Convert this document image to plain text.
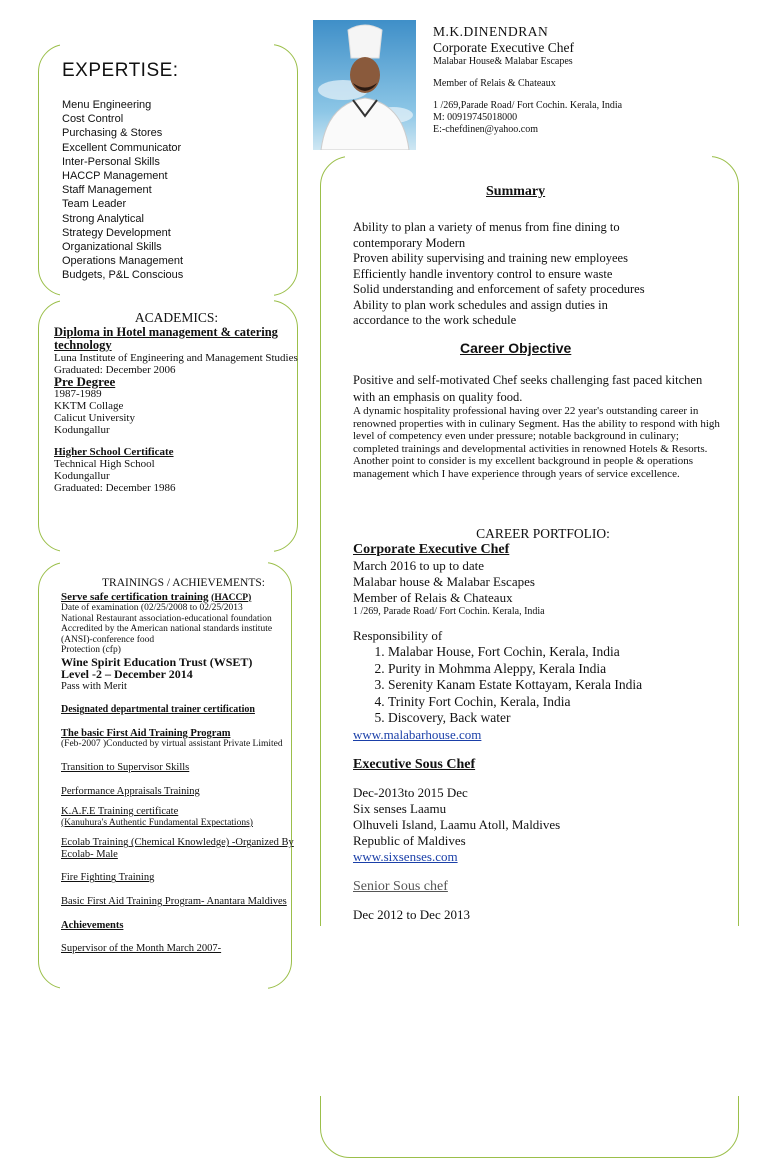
M.K.DINENDRAN
Corporate Executive Chef
Malabar House& Malabar Escapes
Member of Relais & Chateaux
1 /269,Parade Road/ Fort Cochin. Kerala, India
M: 00919745018000
E:-chefdinen@yahoo.com
EXPERTISE:
Menu Engineering
Cost Control
Purchasing & Stores
Excellent Communicator
Inter-Personal Skills
HACCP Management
Staff Management
Team Leader
Strong Analytical
Strategy Development
Organizational Skills
Operations Management
Budgets, P&L Conscious
ACADEMICS:
Diploma in Hotel management & catering technology
Luna Institute of Engineering and Management Studies
Graduated: December 2006
Pre Degree
1987-1989
KKTM Collage
Calicut University
Kodungallur
Higher School Certificate
Technical High School
Kodungallur
Graduated: December 1986
TRAININGS / ACHIEVEMENTS:
Serve safe certification training (HACCP)
Date of examination (02/25/2008 to 02/25/2013
National Restaurant association-educational foundation
Accredited by the American national standards institute
(ANSI)-conference food
Protection (cfp)
Wine Spirit Education Trust (WSET)
Level -2 – December 2014
Pass with Merit
Designated departmental trainer certification
The basic First Aid Training Program
(Feb-2007 )Conducted by virtual assistant Private Limited
Transition to Supervisor Skills
Performance Appraisals Training
K.A.F.E Training certificate
(Kanuhura's Authentic Fundamental Expectations)
Ecolab Training (Chemical Knowledge) -Organized By Ecolab- Male
Fire Fighting Training
Basic First Aid Training Program- Anantara Maldives
Achievements
Supervisor of the Month March 2007-
Summary
Ability to plan a variety of menus from fine dining to
contemporary Modern
Proven ability supervising and training new employees
Efficiently handle inventory control to ensure waste
Solid understanding and enforcement of safety procedures
Ability to plan work schedules and assign duties in
accordance to the work schedule
Career Objective
Positive and self-motivated Chef seeks challenging fast paced kitchen with an emphasis on quality food.
A dynamic hospitality professional having over 22 year's outstanding career in renowned properties with in culinary Segment. Has the ability to respond with high level of competency even under pressure; notable background in culinary; completed trainings and developmental activities in renowned Hotels & Resorts. Another point to consider is my excellent background in people & operations management which I have experience through years of service excellence.
CAREER PORTFOLIO:
Corporate Executive Chef
March 2016 to up to date
Malabar house & Malabar Escapes
Member of Relais & Chateaux
1 /269, Parade Road/ Fort Cochin. Kerala, India
Responsibility of
1. Malabar House, Fort Cochin, Kerala, India
2. Purity in Mohmma Aleppy, Kerala India
3. Serenity Kanam Estate Kottayam, Kerala India
4. Trinity Fort Cochin, Kerala, India
5. Discovery, Back water
www.malabarhouse.com
Executive Sous Chef
Dec-2013to 2015 Dec
Six senses Laamu
Olhuveli Island, Laamu Atoll, Maldives
Republic of Maldives
www.sixsenses.com
Senior Sous chef
Dec 2012 to Dec 2013
